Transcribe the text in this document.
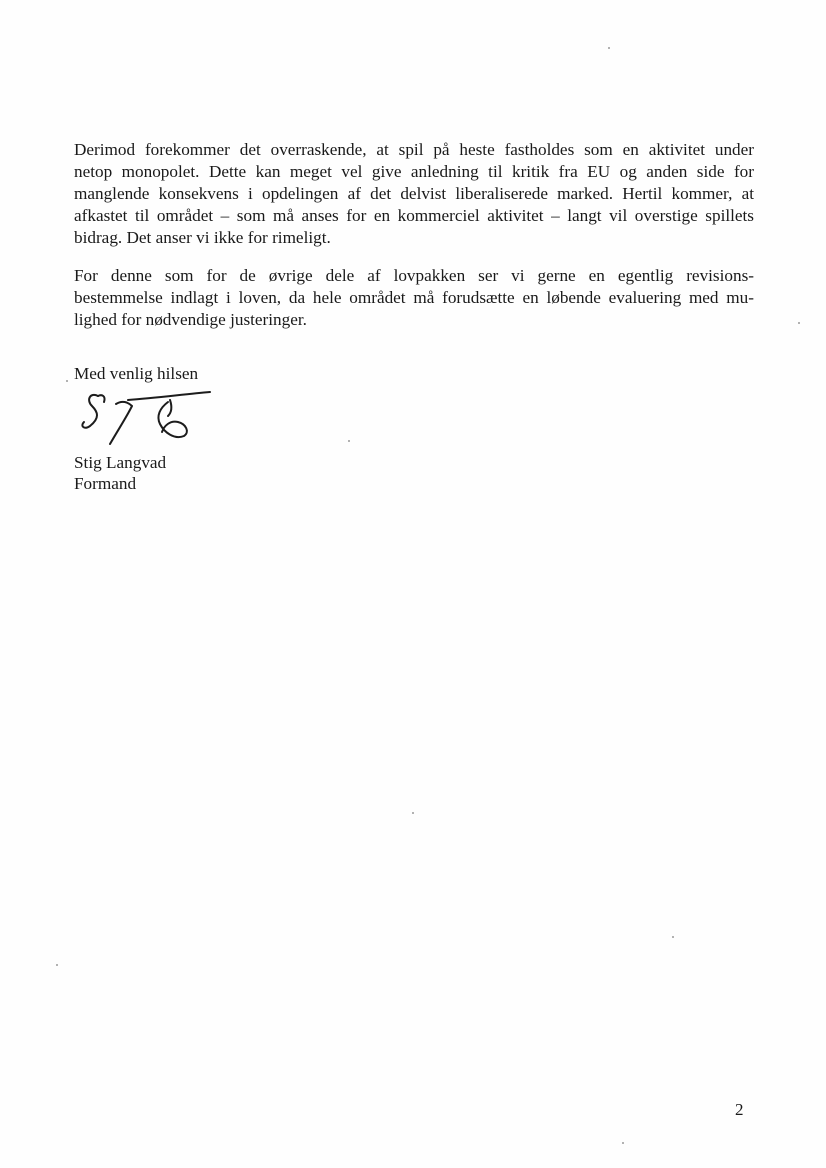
Derimod forekommer det overraskende, at spil på heste fastholdes som en aktivitet under
netop monopolet. Dette kan meget vel give anledning til kritik fra EU og anden side for
manglende konsekvens i opdelingen af det delvist liberaliserede marked. Hertil kommer, at
afkastet til området – som må anses for en kommerciel aktivitet – langt vil overstige spillets
bidrag. Det anser vi ikke for rimeligt.
For denne som for de øvrige dele af lovpakken ser vi gerne en egentlig revisions-
bestemmelse indlagt i loven, da hele området må forudsætte en løbende evaluering med mu-
lighed for nødvendige justeringer.
Med venlig hilsen
Stig Langvad
Formand
2
